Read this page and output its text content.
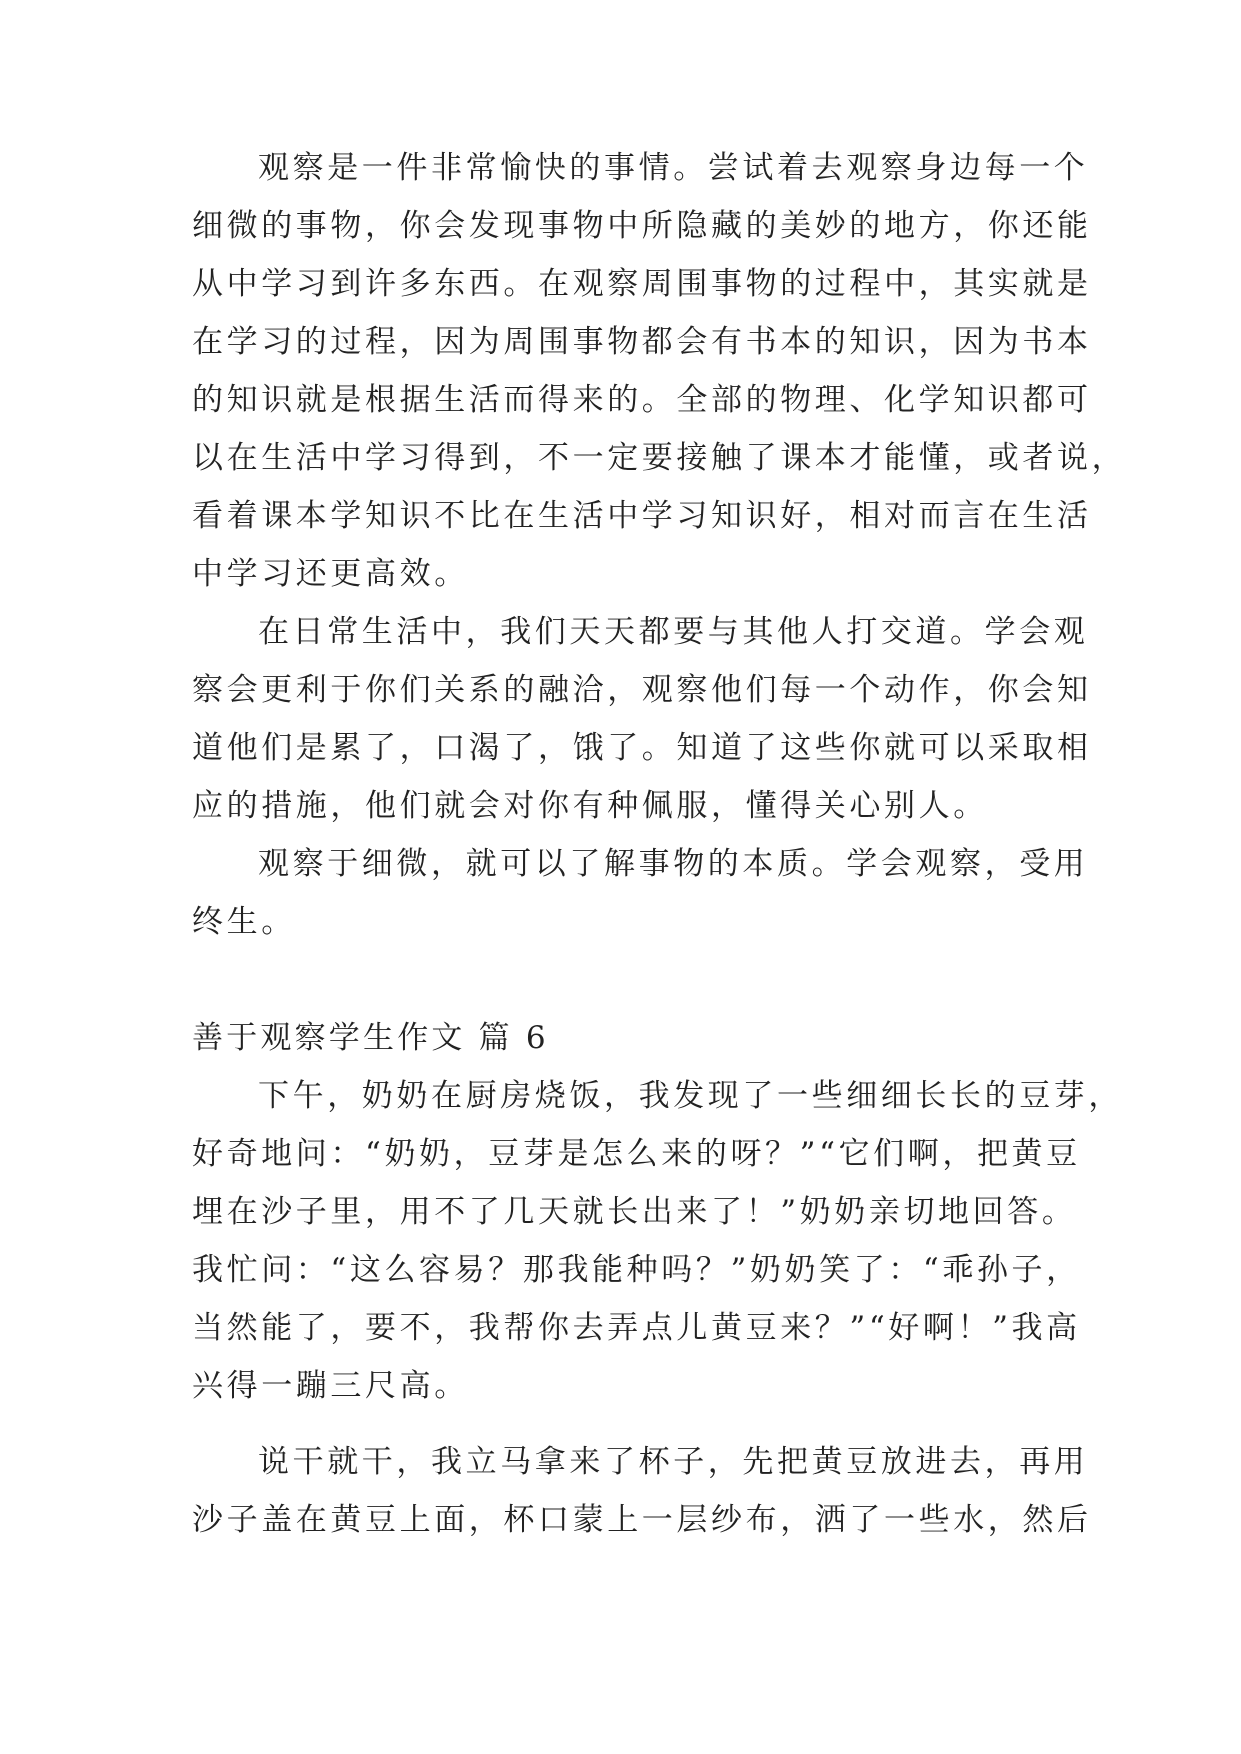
观察是一件非常愉快的事情。尝试着去观察身边每一个
细微的事物，你会发现事物中所隐藏的美妙的地方，你还能
从中学习到许多东西。在观察周围事物的过程中，其实就是
在学习的过程，因为周围事物都会有书本的知识，因为书本
的知识就是根据生活而得来的。全部的物理、化学知识都可
以在生活中学习得到，不一定要接触了课本才能懂，或者说，
看着课本学知识不比在生活中学习知识好，相对而言在生活
中学习还更高效。
在日常生活中，我们天天都要与其他人打交道。学会观
察会更利于你们关系的融洽，观察他们每一个动作，你会知
道他们是累了，口渴了，饿了。知道了这些你就可以采取相
应的措施，他们就会对你有种佩服，懂得关心别人。
观察于细微，就可以了解事物的本质。学会观察，受用
终生。
善于观察学生作文 篇 6
下午，奶奶在厨房烧饭，我发现了一些细细长长的豆芽，
好奇地问：“奶奶，豆芽是怎么来的呀？”“它们啊，把黄豆
埋在沙子里，用不了几天就长出来了！”奶奶亲切地回答。
我忙问：“这么容易？那我能种吗？”奶奶笑了：“乖孙子，
当然能了，要不，我帮你去弄点儿黄豆来？”“好啊！”我高
兴得一蹦三尺高。
说干就干，我立马拿来了杯子，先把黄豆放进去，再用
沙子盖在黄豆上面，杯口蒙上一层纱布，洒了一些水，然后
